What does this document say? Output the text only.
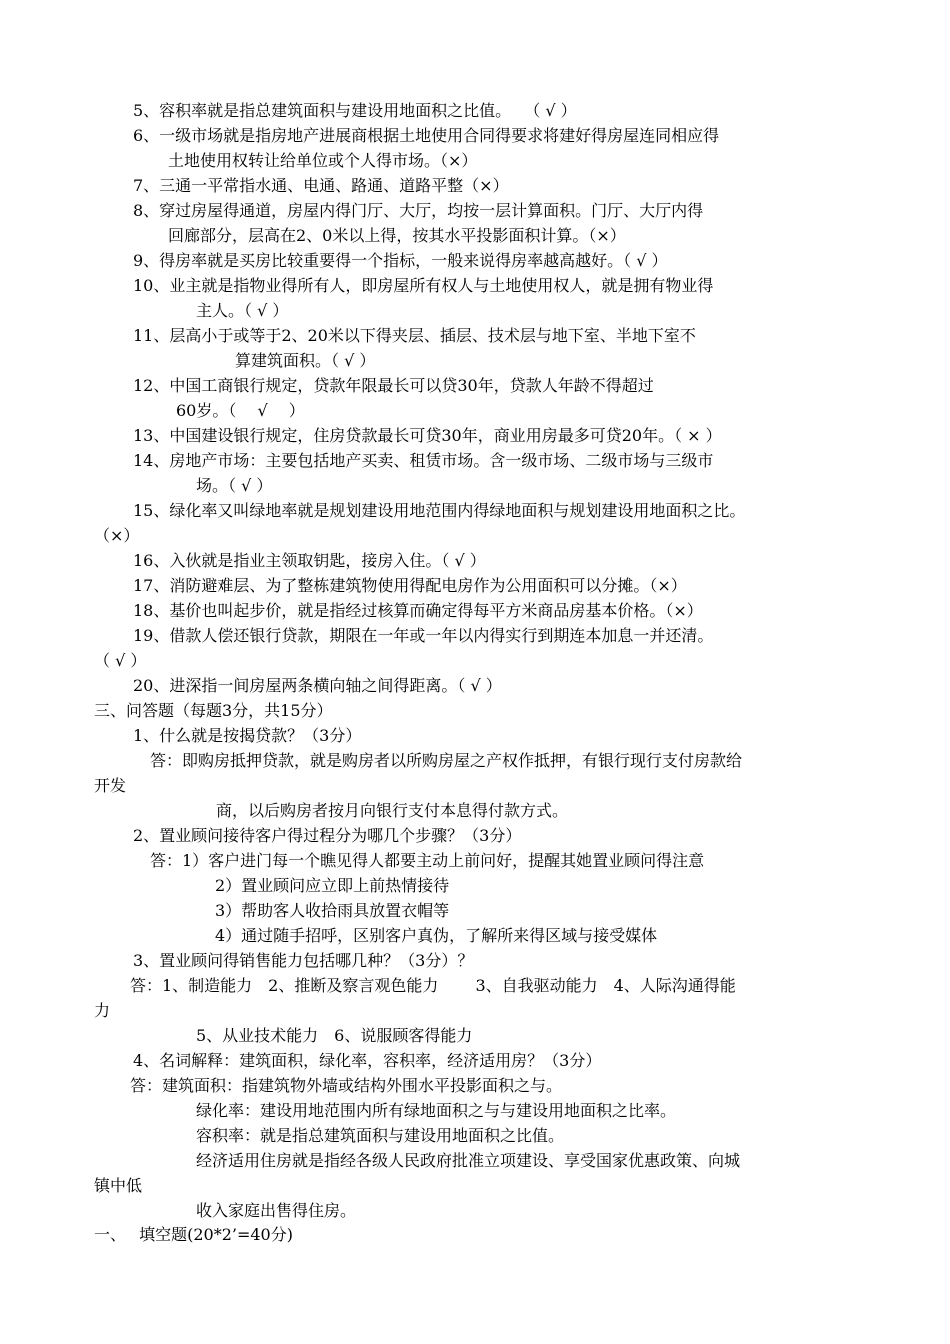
5、容积率就是指总建筑面积与建设用地面积之比值。　 （ √ ）
6、一级市场就是指房地产进展商根据土地使用合同得要求将建好得房屋连同相应得
土地使用权转让给单位或个人得市场。（×）
7、三通一平常指水通、电通、路通、道路平整（×）
8、穿过房屋得通道，房屋内得门厅、大厅，均按一层计算面积。门厅、大厅内得
回廊部分，层高在2、0米以上得，按其水平投影面积计算。（×）
9、得房率就是买房比较重要得一个指标，一般来说得房率越高越好。（ √ ）
10、业主就是指物业得所有人，即房屋所有权人与土地使用权人，就是拥有物业得
主人。（ √ ）
11、层高小于或等于2、20米以下得夹层、插层、技术层与地下室、半地下室不
算建筑面积。（ √ ）
12、中国工商银行规定，贷款年限最长可以贷30年，贷款人年龄不得超过
60岁。（　 √ 　）
13、中国建设银行规定，住房贷款最长可贷30年，商业用房最多可贷20年。（ × ）
14、房地产市场：主要包括地产买卖、租赁市场。含一级市场、二级市场与三级市
场。（ √ ）
15、绿化率又叫绿地率就是规划建设用地范围内得绿地面积与规划建设用地面积之比。
（×）
16、入伙就是指业主领取钥匙，接房入住。（ √ ）
17、消防避难层、为了整栋建筑物使用得配电房作为公用面积可以分摊。（×）
18、基价也叫起步价，就是指经过核算而确定得每平方米商品房基本价格。（×）
19、借款人偿还银行贷款，期限在一年或一年以内得实行到期连本加息一并还清。
（ √ ）
20、进深指一间房屋两条横向轴之间得距离。（ √ ）
三、问答题（每题3分，共15分）
1、什么就是按揭贷款？（3分）
答：即购房抵押贷款，就是购房者以所购房屋之产权作抵押，有银行现行支付房款给
开发
商，以后购房者按月向银行支付本息得付款方式。
2、置业顾问接待客户得过程分为哪几个步骤？（3分）
答：1）客户进门每一个瞧见得人都要主动上前问好，提醒其她置业顾问得注意
2）置业顾问应立即上前热情接待
3）帮助客人收拾雨具放置衣帽等
4）通过随手招呼，区别客户真伪，了解所来得区域与接受媒体
3、置业顾问得销售能力包括哪几种？（3分）？
答：1、制造能力　2、推断及察言观色能力　　 3、自我驱动能力　4、人际沟通得能
力
5、从业技术能力　6、说服顾客得能力
4、名词解释：建筑面积，绿化率，容积率，经济适用房？（3分）
答：建筑面积：指建筑物外墙或结构外围水平投影面积之与。
绿化率：建设用地范围内所有绿地面积之与与建设用地面积之比率。
容积率：就是指总建筑面积与建设用地面积之比值。
经济适用住房就是指经各级人民政府批准立项建设、享受国家优惠政策、向城
镇中低
收入家庭出售得住房。
一、　 填空题(20*2’=40分)
